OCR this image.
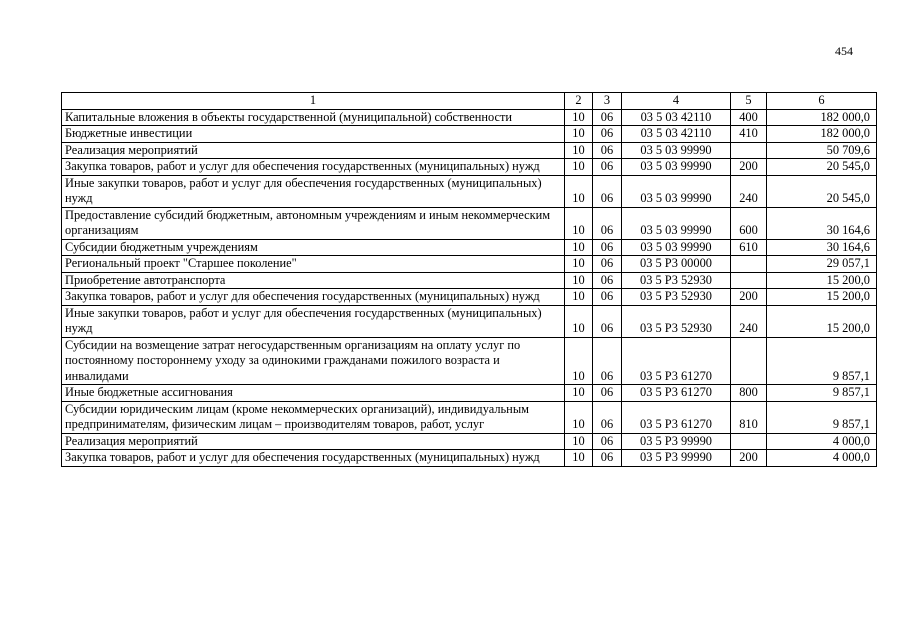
454
1	2	3	4	5	6
Капитальные вложения в объекты государственной (муниципальной) собственности	10	06	03 5 03 42110	400	182 000,0
Бюджетные инвестиции	10	06	03 5 03 42110	410	182 000,0
Реализация мероприятий	10	06	03 5 03 99990		50 709,6
Закупка товаров, работ и услуг для обеспечения государственных (муниципальных) нужд	10	06	03 5 03 99990	200	20 545,0
Иные закупки товаров, работ и услуг для обеспечения государственных (муниципальных) нужд	10	06	03 5 03 99990	240	20 545,0
Предоставление субсидий бюджетным, автономным учреждениям и иным некоммерческим организациям	10	06	03 5 03 99990	600	30 164,6
Субсидии бюджетным учреждениям	10	06	03 5 03 99990	610	30 164,6
Региональный проект "Старшее поколение"	10	06	03 5 P3 00000		29 057,1
Приобретение автотранспорта	10	06	03 5 P3 52930		15 200,0
Закупка товаров, работ и услуг для обеспечения государственных (муниципальных) нужд	10	06	03 5 P3 52930	200	15 200,0
Иные закупки товаров, работ и услуг для обеспечения государственных (муниципальных) нужд	10	06	03 5 P3 52930	240	15 200,0
Субсидии на возмещение затрат негосударственным организациям на оплату услуг по постоянному постороннему уходу за одинокими гражданами пожилого возраста и инвалидами	10	06	03 5 P3 61270		9 857,1
Иные бюджетные ассигнования	10	06	03 5 P3 61270	800	9 857,1
Субсидии юридическим лицам (кроме некоммерческих организаций), индивидуальным предпринимателям, физическим лицам – производителям товаров, работ, услуг	10	06	03 5 P3 61270	810	9 857,1
Реализация мероприятий	10	06	03 5 P3 99990		4 000,0
Закупка товаров, работ и услуг для обеспечения государственных (муниципальных) нужд	10	06	03 5 P3 99990	200	4 000,0
